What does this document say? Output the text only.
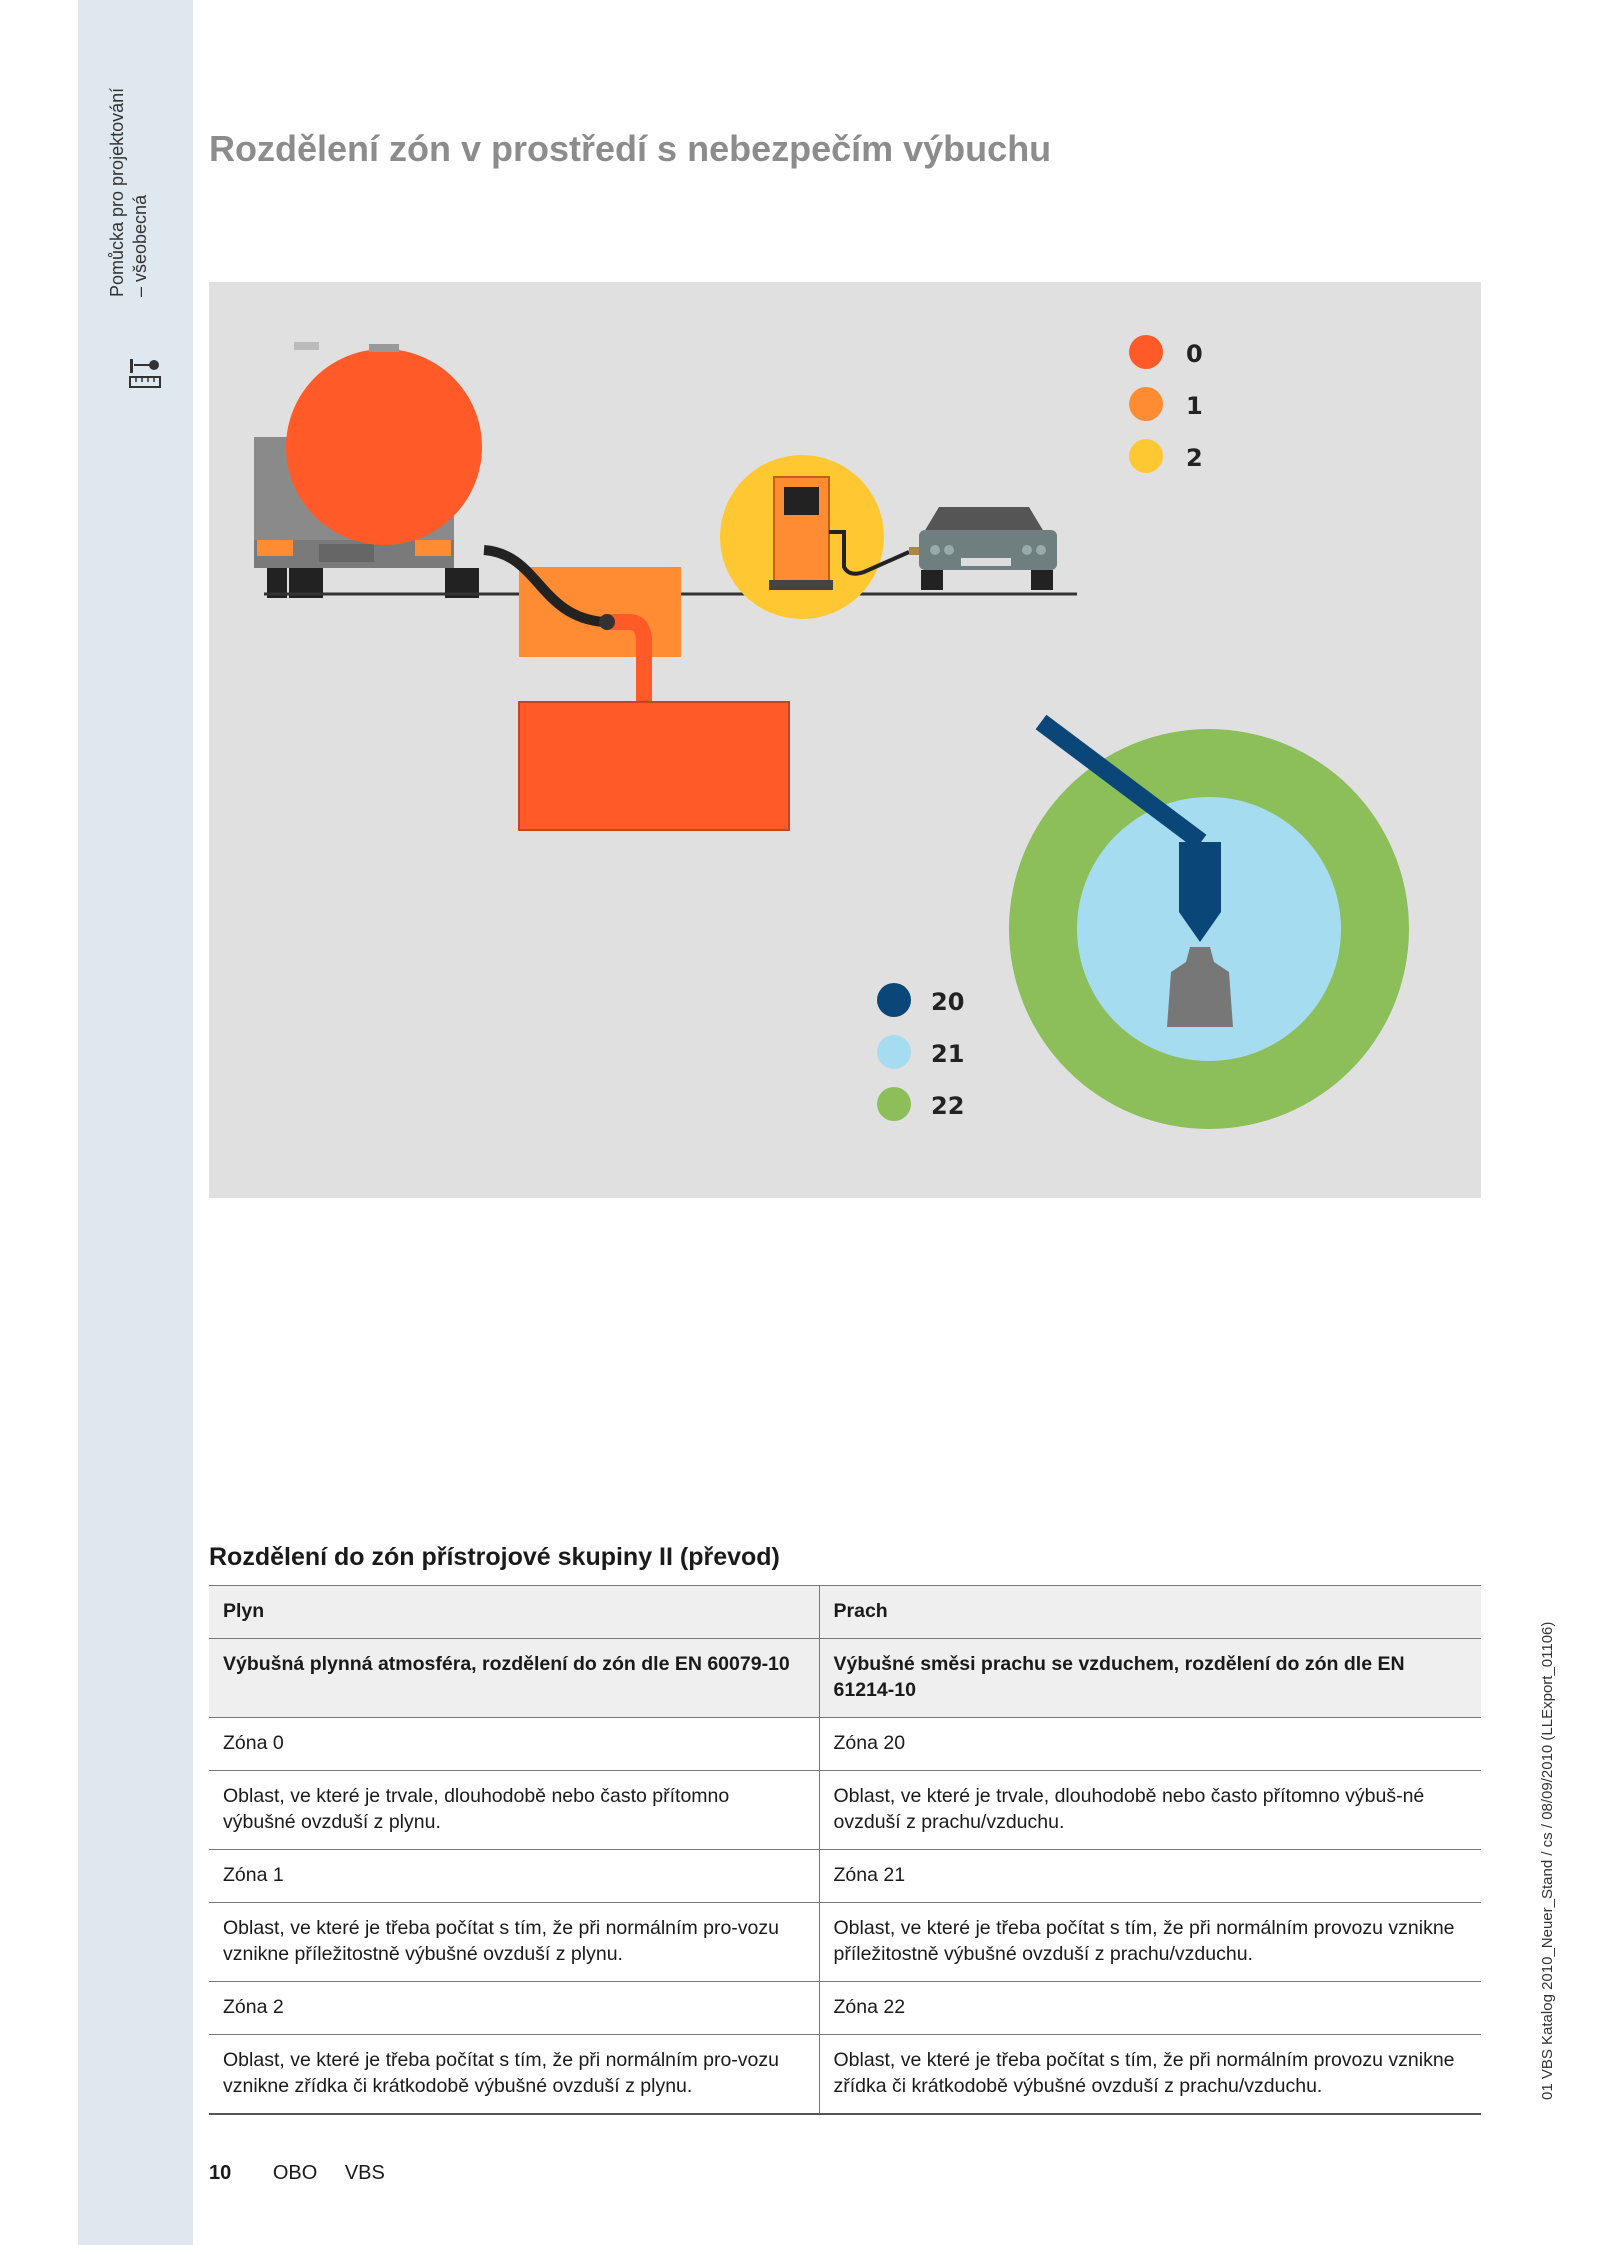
Pomůcka pro projektování – všeobecná
Rozdělení zón v prostředí s nebezpečím výbuchu
0
1
2
20
21
22
Rozdělení do zón přístrojové skupiny II (převod)
Plyn	Prach
Výbušná plynná atmosféra, rozdělení do zón dle EN 60079-10	Výbušné směsi prachu se vzduchem, rozdělení do zón dle EN 61214-10
Zóna 0	Zóna 20
Oblast, ve které je trvale, dlouhodobě nebo často přítomno výbušné ovzduší z plynu.	Oblast, ve které je trvale, dlouhodobě nebo často přítomno výbuš-né ovzduší z prachu/vzduchu.
Zóna 1	Zóna 21
Oblast, ve které je třeba počítat s tím, že při normálním pro-vozu vznikne příležitostně výbušné ovzduší z plynu.	Oblast, ve které je třeba počítat s tím, že při normálním provozu vznikne příležitostně výbušné ovzduší z prachu/vzduchu.
Zóna 2	Zóna 22
Oblast, ve které je třeba počítat s tím, že při normálním pro-vozu vznikne zřídka či krátkodobě výbušné ovzduší z plynu.	Oblast, ve které je třeba počítat s tím, že při normálním provozu vznikne zřídka či krátkodobě výbušné ovzduší z prachu/vzduchu.
10 OBO VBS
01 VBS Katalog 2010_Neuer_Stand / cs / 08/09/2010 (LLExport_01106)
